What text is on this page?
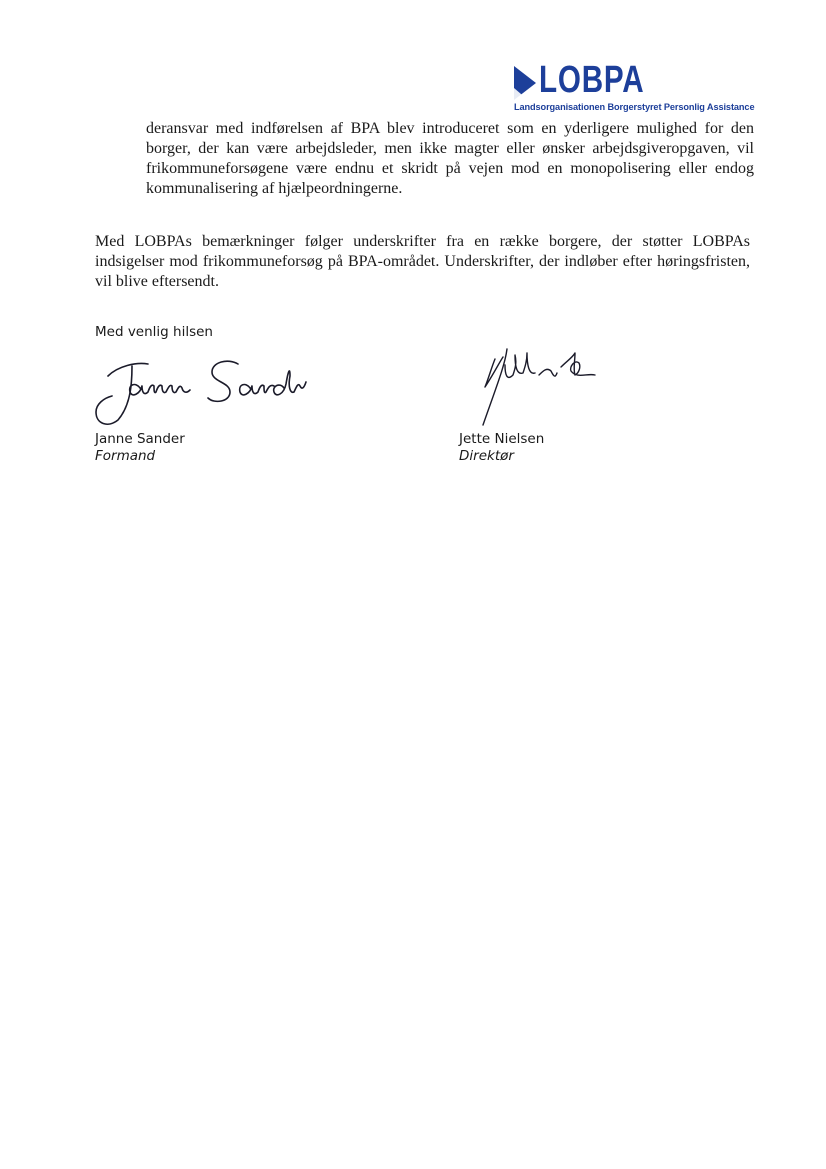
LOBPA
Landsorganisationen Borgerstyret Personlig Assistance

deransvar med indførelsen af BPA blev introduceret som en yderligere mulighed for den borger, der kan være arbejdsleder, men ikke magter eller ønsker arbejdsgiveropgaven, vil frikommuneforsøgene være endnu et skridt på vejen mod en monopolisering eller endog kommunalisering af hjælpeordningerne.

Med LOBPAs bemærkninger følger underskrifter fra en række borgere, der støtter LOBPAs indsigelser mod frikommuneforsøg på BPA-området. Underskrifter, der indløber efter høringsfristen, vil blive eftersendt.

Med venlig hilsen

Janne Sander

Formand

Jette Nielsen

Direktør
